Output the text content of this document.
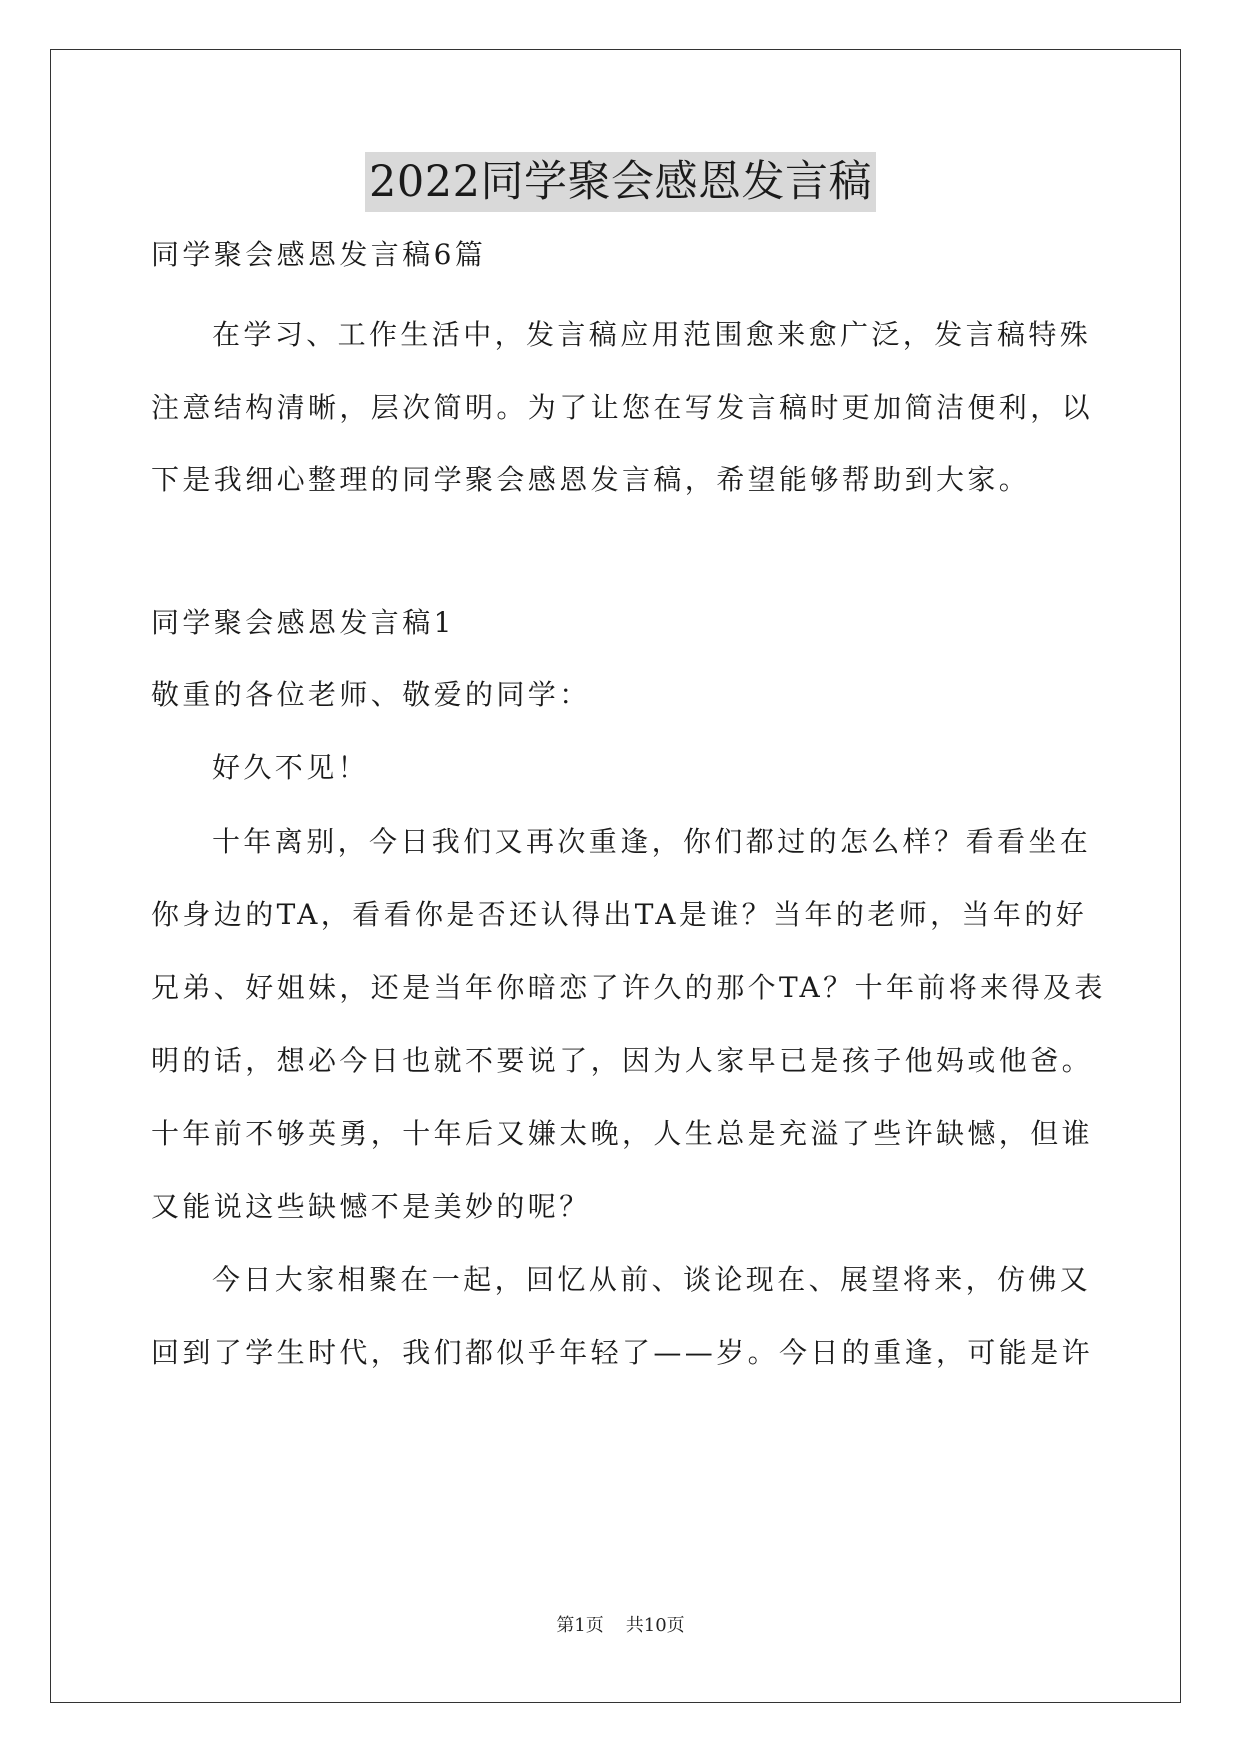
2022同学聚会感恩发言稿
同学聚会感恩发言稿6篇
在学习、工作生活中，发言稿应用范围愈来愈广泛，发言稿特殊
注意结构清晰，层次简明。为了让您在写发言稿时更加简洁便利，以
下是我细心整理的同学聚会感恩发言稿，希望能够帮助到大家。
同学聚会感恩发言稿1
敬重的各位老师、敬爱的同学：
好久不见！
十年离别，今日我们又再次重逢，你们都过的怎么样？看看坐在
你身边的TA，看看你是否还认得出TA是谁？当年的老师，当年的好
兄弟、好姐妹，还是当年你暗恋了许久的那个TA？十年前将来得及表
明的话，想必今日也就不要说了，因为人家早已是孩子他妈或他爸。
十年前不够英勇，十年后又嫌太晚，人生总是充溢了些许缺憾，但谁
又能说这些缺憾不是美妙的呢？
今日大家相聚在一起，回忆从前、谈论现在、展望将来，仿佛又
回到了学生时代，我们都似乎年轻了——岁。今日的重逢，可能是许
第1页 共10页
